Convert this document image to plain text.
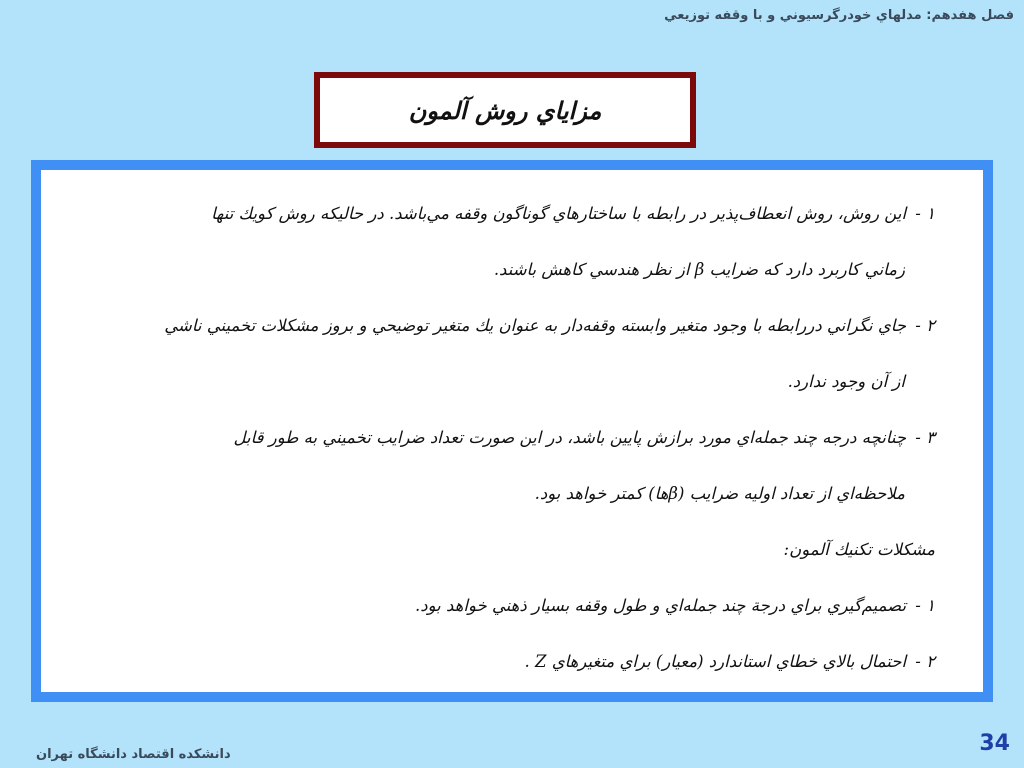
فصل هفدهم: مدلهاي خودرگرسيوني و با وقفه توزيعي
مزاياي روش آلمون
۱ - اين روش، روش انعطاف‌پذير در رابطه با ساختارهاي گوناگون وقفه مي‌باشد. در حاليكه روش كويك تنها
زماني كاربرد دارد كه ضرايب β از نظر هندسي كاهش باشند.
۲ - جاي نگراني دررابطه با وجود متغير وابسته وقفه‌دار به عنوان يك متغير توضيحي و بروز مشكلات تخميني ناشي
از آن وجود ندارد.
۳ - چنانچه درجه چند جمله‌اي مورد برازش پايين باشد، در اين صورت تعداد ضرايب تخميني به طور قابل
ملاحظه‌اي از تعداد اوليه ضرايب (βها) كمتر خواهد بود.
مشكلات تكنيك آلمون:
۱ - تصميم‌گيري براي درجة چند جمله‌اي و طول وقفه بسيار ذهني خواهد بود.
۲ - احتمال بالاي خطاي استاندارد (معيار) براي متغيرهاي Z .
34
دانشكده اقتصاد دانشگاه تهران
